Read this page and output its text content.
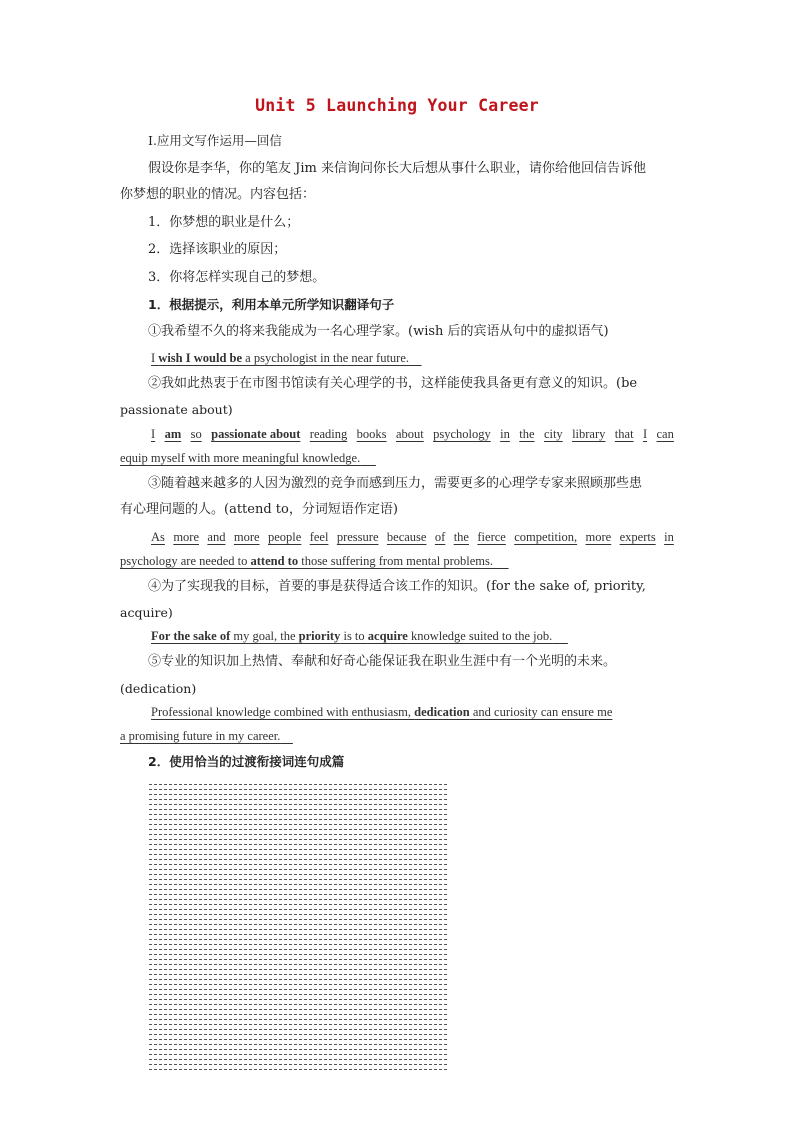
Unit 5 Launching Your Career
Ⅰ.应用文写作运用—回信
假设你是李华，你的笔友 Jim 来信询问你长大后想从事什么职业，请你给他回信告诉他
你梦想的职业的情况。内容包括：
1．你梦想的职业是什么；
2．选择该职业的原因；
3．你将怎样实现自己的梦想。
1．根据提示，利用本单元所学知识翻译句子
①我希望不久的将来我能成为一名心理学家。(wish 后的宾语从句中的虚拟语气)
I wish I would be a psychologist in the near future.
②我如此热衷于在市图书馆读有关心理学的书，这样能使我具备更有意义的知识。(be
passionate about)
I am so passionate about reading books about psychology in the city library that I can
equip myself with more meaningful knowledge.
③随着越来越多的人因为激烈的竞争而感到压力，需要更多的心理学专家来照顾那些患
有心理问题的人。(attend to，分词短语作定语)
As more and more people feel pressure because of the fierce competition, more experts in
psychology are needed to attend to those suffering from mental problems.
④为了实现我的目标，首要的事是获得适合该工作的知识。(for the sake of, priority,
acquire)
For the sake of my goal, the priority is to acquire knowledge suited to the job.
⑤专业的知识加上热情、奉献和好奇心能保证我在职业生涯中有一个光明的未来。
(dedication)
Professional knowledge combined with enthusiasm, dedication and curiosity can ensure me
a promising future in my career.
2．使用恰当的过渡衔接词连句成篇
